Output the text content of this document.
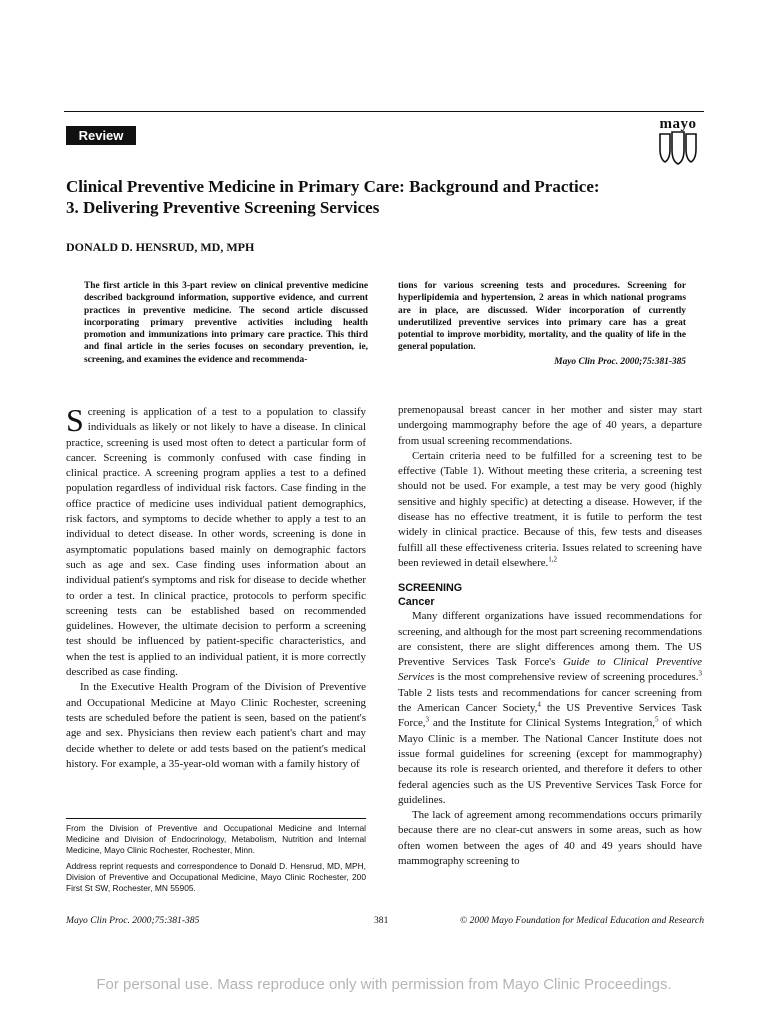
Review
mayo
Clinical Preventive Medicine in Primary Care: Background and Practice:
3. Delivering Preventive Screening Services
DONALD D. HENSRUD, MD, MPH

The first article in this 3-part review on clinical preventive medicine described background information, supportive evidence, and current practices in preventive medicine. The second article discussed incorporating primary preventive activities including health promotion and immunizations into primary care practice. This third and final article in the series focuses on secondary prevention, ie, screening, and examines the evidence and recommenda-

tions for various screening tests and procedures. Screening for hyperlipidemia and hypertension, 2 areas in which national programs are in place, are discussed. Wider incorporation of currently underutilized preventive services into primary care has a great potential to improve morbidity, mortality, and the quality of life in the general population.

Mayo Clin Proc. 2000;75:381-385

Screening is application of a test to a population to classify individuals as likely or not likely to have a disease. In clinical practice, screening is used most often to detect a particular form of cancer. Screening is commonly confused with case finding in clinical practice. A screening program applies a test to a defined population regardless of individual risk factors. Case finding in the office practice of medicine uses individual patient demographics, risk factors, and symptoms to decide whether to apply a test to an individual to detect disease. In other words, screening is done in asymptomatic populations based mainly on demographic factors such as age and sex. Case finding uses information about an individual patient's symptoms and risk for disease to decide whether to order a test. In clinical practice, protocols to perform specific screening tests can be established based on recommended guidelines. However, the ultimate decision to perform a screening test should be influenced by patient-specific characteristics, and when the test is applied to an individual patient, it is more correctly described as case finding.

In the Executive Health Program of the Division of Preventive and Occupational Medicine at Mayo Clinic Rochester, screening tests are scheduled before the patient is seen, based on the patient's age and sex. Physicians then review each patient's chart and may decide whether to delete or add tests based on the patient's medical history. For example, a 35-year-old woman with a family history of

premenopausal breast cancer in her mother and sister may start undergoing mammography before the age of 40 years, a departure from usual screening recommendations.

Certain criteria need to be fulfilled for a screening test to be effective (Table 1). Without meeting these criteria, a screening test should not be used. For example, a test may be very good (highly sensitive and highly specific) at detecting a disease. However, if the disease has no effective treatment, it is futile to perform the test widely in clinical practice. Because of this, few tests and diseases fulfill all these effectiveness criteria. Issues related to screening have been reviewed in detail elsewhere.$^{1,2}$

SCREENING
Cancer

Many different organizations have issued recommendations for screening, and although for the most part screening recommendations are consistent, there are slight differences among them. The US Preventive Services Task Force's Guide to Clinical Preventive Services is the most comprehensive review of screening procedures.$^3$ Table 2 lists tests and recommendations for cancer screening from the American Cancer Society,$^4$ the US Preventive Services Task Force,$^3$ and the Institute for Clinical Systems Integration,$^5$ of which Mayo Clinic is a member. The National Cancer Institute does not issue formal guidelines for screening (except for mammography) because its role is research oriented, and therefore it defers to other federal agencies such as the US Preventive Services Task Force for guidelines.

The lack of agreement among recommendations occurs primarily because there are no clear-cut answers in some areas, such as how often women between the ages of 40 and 49 years should have mammography screening to

From the Division of Preventive and Occupational Medicine and Internal Medicine and Division of Endocrinology, Metabolism, Nutrition and Internal Medicine, Mayo Clinic Rochester, Rochester, Minn.

Address reprint requests and correspondence to Donald D. Hensrud, MD, MPH, Division of Preventive and Occupational Medicine, Mayo Clinic Rochester, 200 First St SW, Rochester, MN 55905.

Mayo Clin Proc. 2000;75:381-385	381	© 2000 Mayo Foundation for Medical Education and Research
For personal use. Mass reproduce only with permission from Mayo Clinic Proceedings.
